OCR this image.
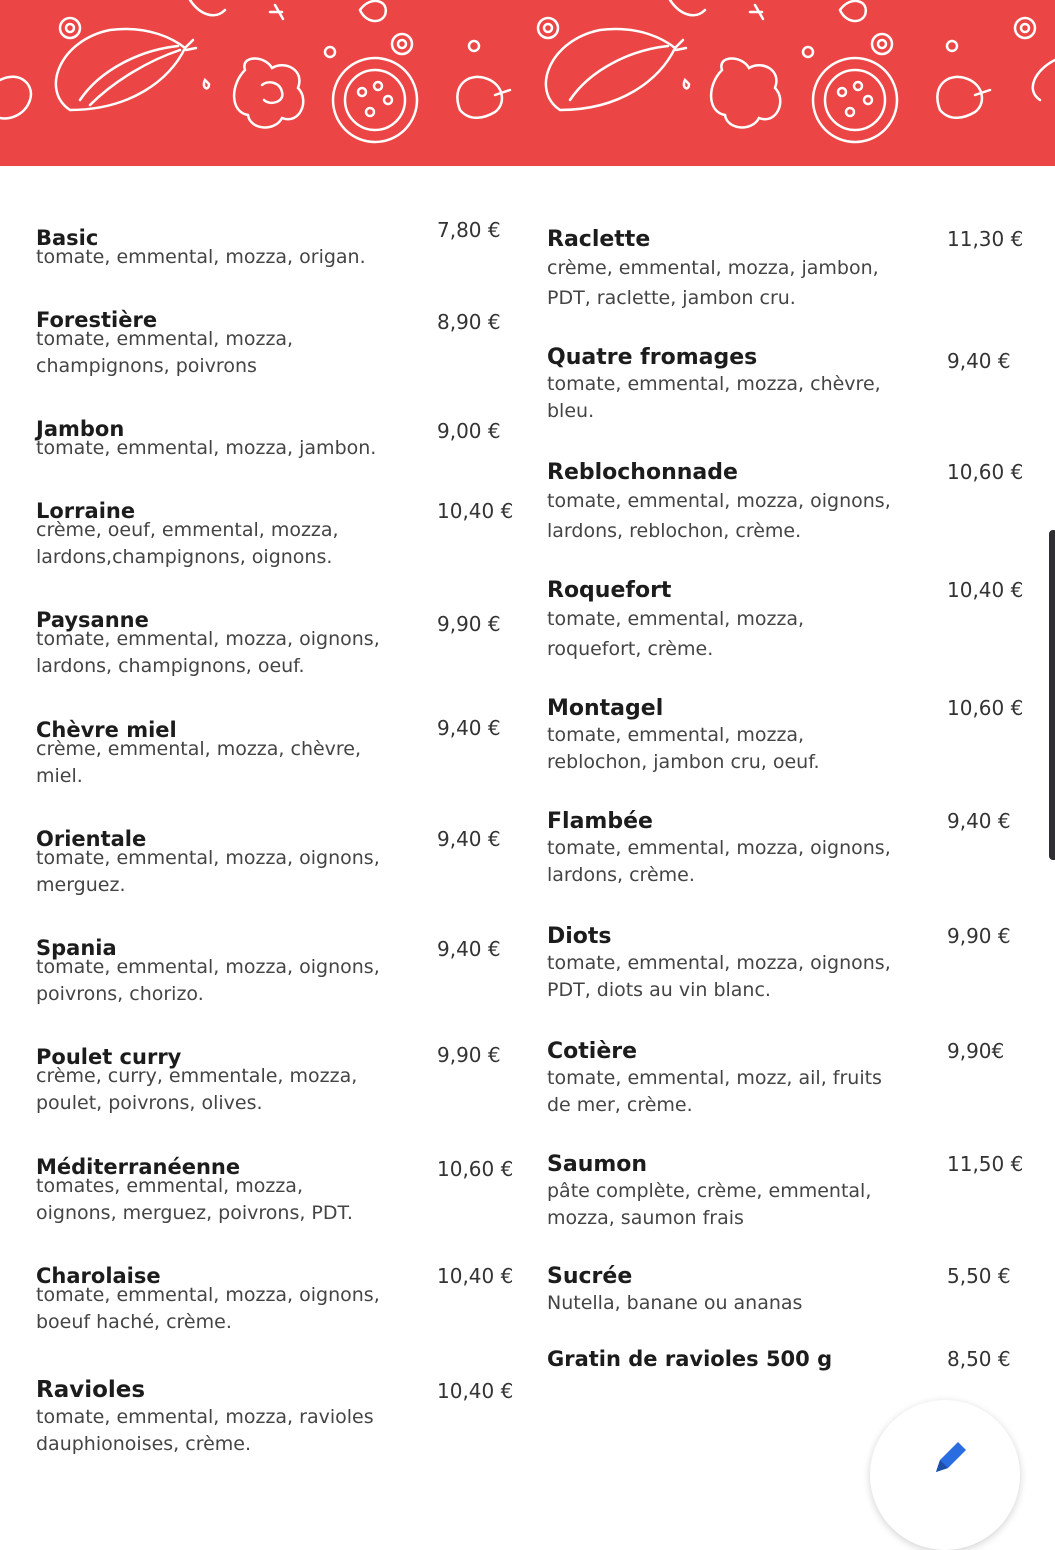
Basic	7,80 €
tomate, emmental, mozza, origan.
Forestière	8,90 €
tomate, emmental, mozza,
champignons, poivrons
Jambon	9,00 €
tomate, emmental, mozza, jambon.
Lorraine	10,40 €
crème, oeuf, emmental, mozza,
lardons,champignons, oignons.
Paysanne	9,90 €
tomate, emmental, mozza, oignons,
lardons, champignons, oeuf.
Chèvre miel	9,40 €
crème, emmental, mozza, chèvre,
miel.
Orientale	9,40 €
tomate, emmental, mozza, oignons,
merguez.
Spania	9,40 €
tomate, emmental, mozza, oignons,
poivrons, chorizo.
Poulet curry	9,90 €
crème, curry, emmentale, mozza,
poulet, poivrons, olives.
Méditerranéenne	10,60 €
tomates, emmental, mozza,
oignons, merguez, poivrons, PDT.
Charolaise	10,40 €
tomate, emmental, mozza, oignons,
boeuf haché, crème.
Ravioles	10,40 €
tomate, emmental, mozza, ravioles
dauphionoises, crème.
Raclette	11,30 €
crème, emmental, mozza, jambon,
PDT, raclette, jambon cru.
Quatre fromages	9,40 €
tomate, emmental, mozza, chèvre,
bleu.
Reblochonnade	10,60 €
tomate, emmental, mozza, oignons,
lardons, reblochon, crème.
Roquefort	10,40 €
tomate, emmental, mozza,
roquefort, crème.
Montagel	10,60 €
tomate, emmental, mozza,
reblochon, jambon cru, oeuf.
Flambée	9,40 €
tomate, emmental, mozza, oignons,
lardons, crème.
Diots	9,90 €
tomate, emmental, mozza, oignons,
PDT, diots au vin blanc.
Cotière	9,90€
tomate, emmental, mozz, ail, fruits
de mer, crème.
Saumon	11,50 €
pâte complète, crème, emmental,
mozza, saumon frais
Sucrée	5,50 €
Nutella, banane ou ananas
Gratin de ravioles 500 g	8,50 €
